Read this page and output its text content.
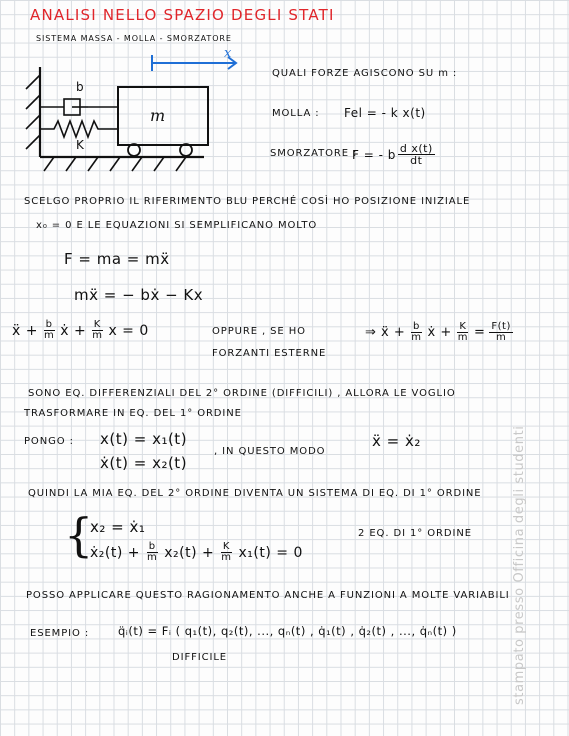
ANALISI NELLO SPAZIO DEGLI STATI
SISTEMA MASSA - MOLLA - SMORZATORE
x
b
K
m
QUALI FORZE AGISCONO SU m :
MOLLA : Fel = - k x(t)
SMORZATORE :
F = - b $\frac{\text{d x(t)}}{dt}$
SCELGO PROPRIO IL RIFERIMENTO BLU PERCHÉ COSÌ HO POSIZIONE INIZIALE
x₀ = 0 E LE EQUAZIONI SI SEMPLIFICANO MOLTO
F = ma = mẍ
mẍ = − bẋ − Kx
ẍ + $\frac{b}{m}$ ẋ + $\frac{K}{m}$ x = 0	OPPURE , SE HO
FORZANTI ESTERNE
⇒ ẍ + $\frac{b}{m}$ ẋ + $\frac{K}{m} = \frac{F(t)}{m}$
SONO EQ. DIFFERENZIALI DEL 2° ORDINE (DIFFICILI) , ALLORA LE VOGLIO
TRASFORMARE IN EQ. DEL 1° ORDINE
PONGO : x(t) = x₁(t)
ẋ(t) = x₂(t)
, IN QUESTO MODO
ẍ = ẋ₂
QUINDI LA MIA EQ. DEL 2° ORDINE DIVENTA UN SISTEMA DI EQ. DI 1° ORDINE
{
x₂ = ẋ₁
ẋ₂(t) + $\frac{b}{m} x_2(t) + \frac{K}{m} x_1(t) = 0$
2 EQ. DI 1° ORDINE
POSSO APPLICARE QUESTO RAGIONAMENTO ANCHE A FUNZIONI A MOLTE VARIABILI
ESEMPIO :	q̈ᵢ(t) = Fᵢ ( q₁(t), q₂(t), ..., qₙ(t) , q̇₁(t) , q̇₂(t) , ..., q̇ₙ(t) )
DIFFICILE	stampato presso Officina degli studenti
